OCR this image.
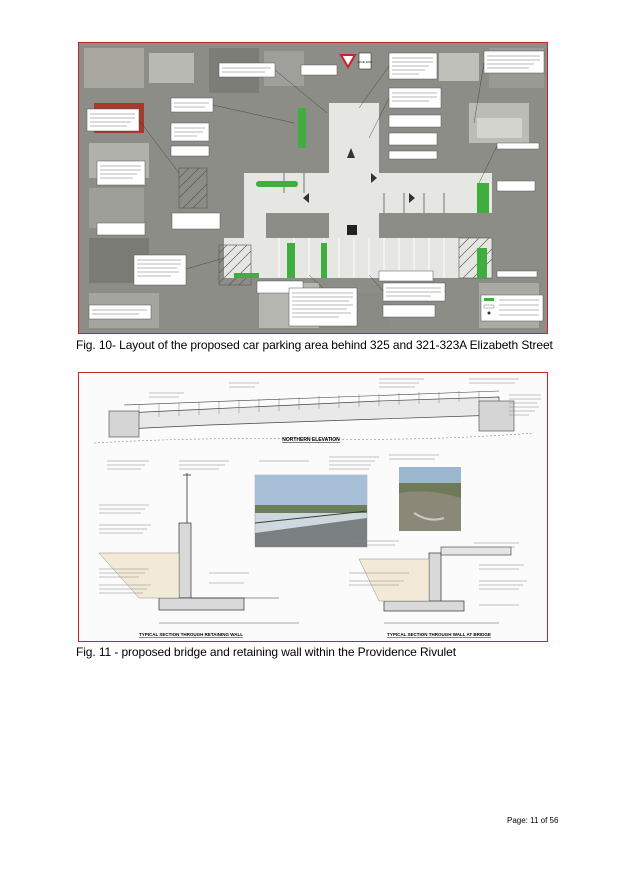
GIVE WAY
Fig. 10- Layout of the proposed car parking area behind 325 and 321-323A Elizabeth Street
NORTHERN ELEVATION
TYPICAL SECTION THROUGH RETAINING WALL	TYPICAL SECTION THROUGH WALL AT BRIDGE
Fig. 11 - proposed bridge and retaining wall within the Providence Rivulet
Page: 11 of 56
